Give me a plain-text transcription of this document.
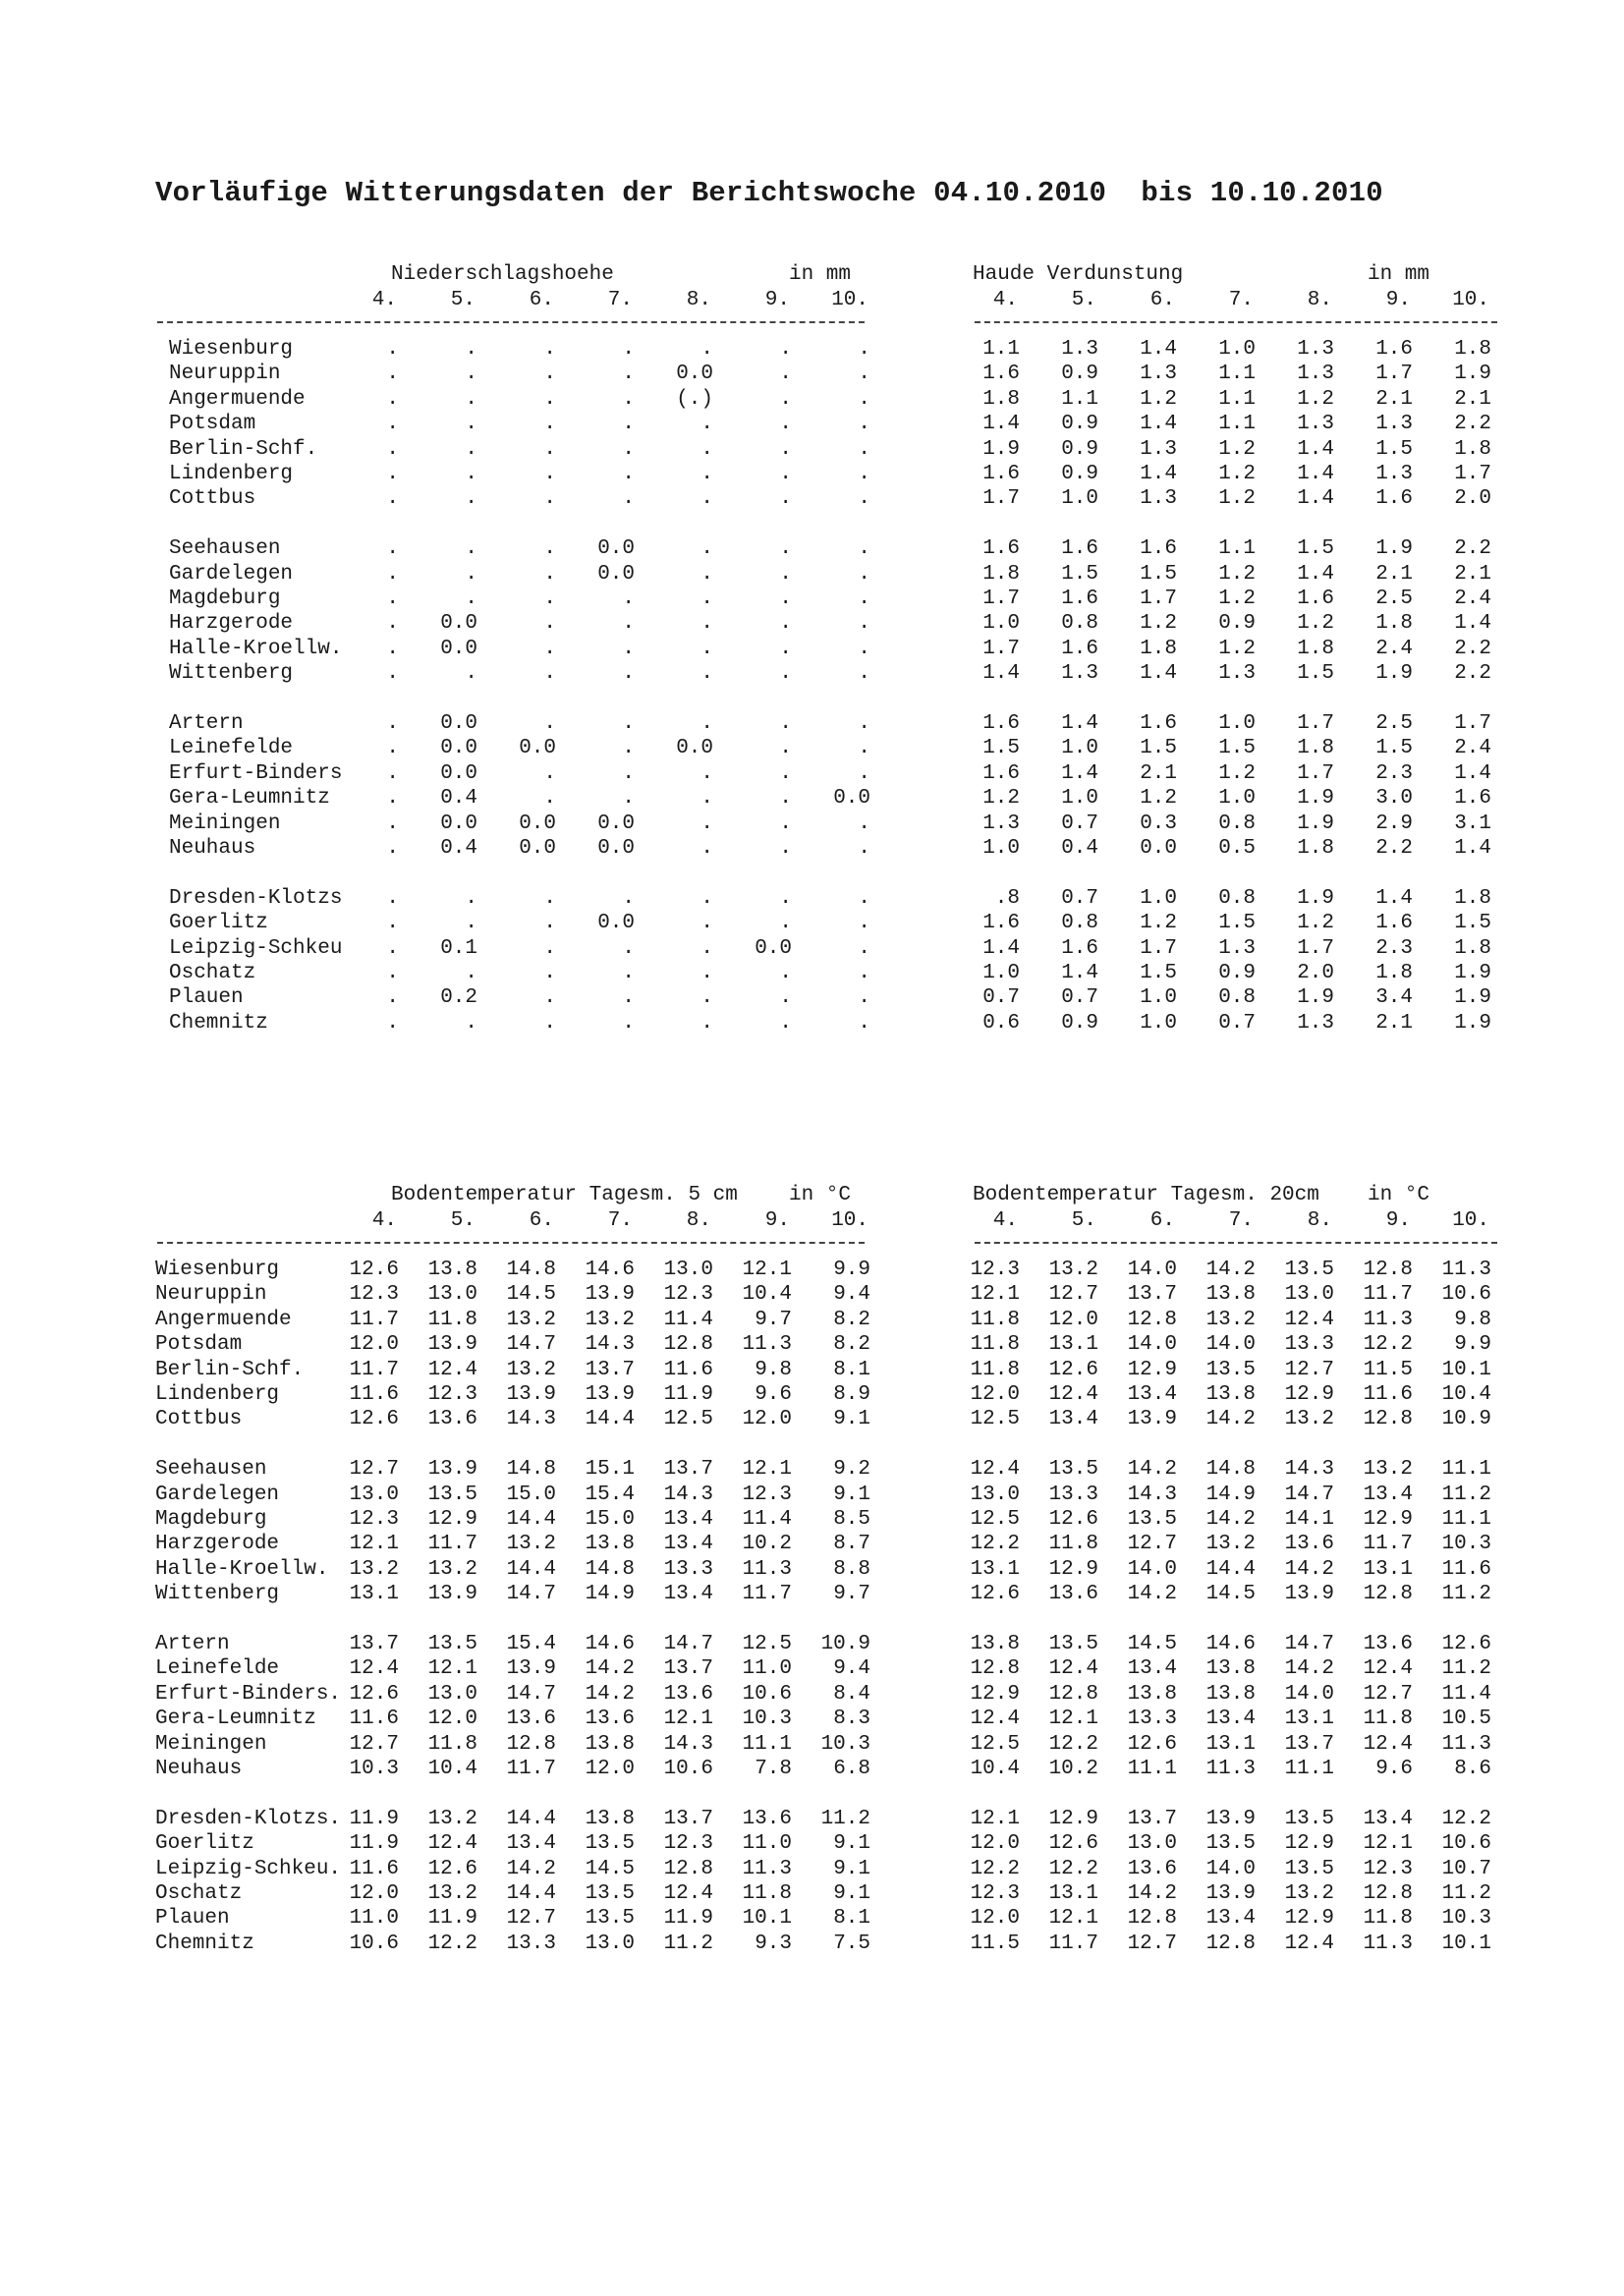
Vorläufige Witterungsdaten der Berichtswoche 04.10.2010  bis 10.10.2010
Niederschlagshoehe	in mm	Haude Verdunstung	in mm
4.	5.	6.	7.	8.	9.	10.	4.	5.	6.	7.	8.	9.	10.
Wiesenburg	.	.	.	.	.	.	.	1.1	1.3	1.4	1.0	1.3	1.6	1.8
Neuruppin	.	.	.	.	0.0	.	.	1.6	0.9	1.3	1.1	1.3	1.7	1.9
Angermuende	.	.	.	.	(.)	.	.	1.8	1.1	1.2	1.1	1.2	2.1	2.1
Potsdam	.	.	.	.	.	.	.	1.4	0.9	1.4	1.1	1.3	1.3	2.2
Berlin-Schf.	.	.	.	.	.	.	.	1.9	0.9	1.3	1.2	1.4	1.5	1.8
Lindenberg	.	.	.	.	.	.	.	1.6	0.9	1.4	1.2	1.4	1.3	1.7
Cottbus	.	.	.	.	.	.	.	1.7	1.0	1.3	1.2	1.4	1.6	2.0
Seehausen	.	.	.	0.0	.	.	.	1.6	1.6	1.6	1.1	1.5	1.9	2.2
Gardelegen	.	.	.	0.0	.	.	.	1.8	1.5	1.5	1.2	1.4	2.1	2.1
Magdeburg	.	.	.	.	.	.	.	1.7	1.6	1.7	1.2	1.6	2.5	2.4
Harzgerode	.	0.0	.	.	.	.	.	1.0	0.8	1.2	0.9	1.2	1.8	1.4
Halle-Kroellw.	.	0.0	.	.	.	.	.	1.7	1.6	1.8	1.2	1.8	2.4	2.2
Wittenberg	.	.	.	.	.	.	.	1.4	1.3	1.4	1.3	1.5	1.9	2.2
Artern	.	0.0	.	.	.	.	.	1.6	1.4	1.6	1.0	1.7	2.5	1.7
Leinefelde	.	0.0	0.0	.	0.0	.	.	1.5	1.0	1.5	1.5	1.8	1.5	2.4
Erfurt-Binders	.	0.0	.	.	.	.	.	1.6	1.4	2.1	1.2	1.7	2.3	1.4
Gera-Leumnitz	.	0.4	.	.	.	.	0.0	1.2	1.0	1.2	1.0	1.9	3.0	1.6
Meiningen	.	0.0	0.0	0.0	.	.	.	1.3	0.7	0.3	0.8	1.9	2.9	3.1
Neuhaus	.	0.4	0.0	0.0	.	.	.	1.0	0.4	0.0	0.5	1.8	2.2	1.4
Dresden-Klotzs	.	.	.	.	.	.	.	.8	0.7	1.0	0.8	1.9	1.4	1.8
Goerlitz	.	.	.	0.0	.	.	.	1.6	0.8	1.2	1.5	1.2	1.6	1.5
Leipzig-Schkeu	.	0.1	.	.	.	0.0	.	1.4	1.6	1.7	1.3	1.7	2.3	1.8
Oschatz	.	.	.	.	.	.	.	1.0	1.4	1.5	0.9	2.0	1.8	1.9
Plauen	.	0.2	.	.	.	.	.	0.7	0.7	1.0	0.8	1.9	3.4	1.9
Chemnitz	.	.	.	.	.	.	.	0.6	0.9	1.0	0.7	1.3	2.1	1.9
Bodentemperatur Tagesm. 5 cm in °C	Bodentemperatur Tagesm. 20cm in °C
4.	5.	6.	7.	8.	9.	10.	4.	5.	6.	7.	8.	9.	10.
Wiesenburg	12.6	13.8	14.8	14.6	13.0	12.1	9.9	12.3	13.2	14.0	14.2	13.5	12.8	11.3
Neuruppin	12.3	13.0	14.5	13.9	12.3	10.4	9.4	12.1	12.7	13.7	13.8	13.0	11.7	10.6
Angermuende	11.7	11.8	13.2	13.2	11.4	9.7	8.2	11.8	12.0	12.8	13.2	12.4	11.3	9.8
Potsdam	12.0	13.9	14.7	14.3	12.8	11.3	8.2	11.8	13.1	14.0	14.0	13.3	12.2	9.9
Berlin-Schf.	11.7	12.4	13.2	13.7	11.6	9.8	8.1	11.8	12.6	12.9	13.5	12.7	11.5	10.1
Lindenberg	11.6	12.3	13.9	13.9	11.9	9.6	8.9	12.0	12.4	13.4	13.8	12.9	11.6	10.4
Cottbus	12.6	13.6	14.3	14.4	12.5	12.0	9.1	12.5	13.4	13.9	14.2	13.2	12.8	10.9
Seehausen	12.7	13.9	14.8	15.1	13.7	12.1	9.2	12.4	13.5	14.2	14.8	14.3	13.2	11.1
Gardelegen	13.0	13.5	15.0	15.4	14.3	12.3	9.1	13.0	13.3	14.3	14.9	14.7	13.4	11.2
Magdeburg	12.3	12.9	14.4	15.0	13.4	11.4	8.5	12.5	12.6	13.5	14.2	14.1	12.9	11.1
Harzgerode	12.1	11.7	13.2	13.8	13.4	10.2	8.7	12.2	11.8	12.7	13.2	13.6	11.7	10.3
Halle-Kroellw.	13.2	13.2	14.4	14.8	13.3	11.3	8.8	13.1	12.9	14.0	14.4	14.2	13.1	11.6
Wittenberg	13.1	13.9	14.7	14.9	13.4	11.7	9.7	12.6	13.6	14.2	14.5	13.9	12.8	11.2
Artern	13.7	13.5	15.4	14.6	14.7	12.5	10.9	13.8	13.5	14.5	14.6	14.7	13.6	12.6
Leinefelde	12.4	12.1	13.9	14.2	13.7	11.0	9.4	12.8	12.4	13.4	13.8	14.2	12.4	11.2
Erfurt-Binders. 12.6	13.0	14.7	14.2	13.6	10.6	8.4	12.9	12.8	13.8	13.8	14.0	12.7	11.4
Gera-Leumnitz	11.6	12.0	13.6	13.6	12.1	10.3	8.3	12.4	12.1	13.3	13.4	13.1	11.8	10.5
Meiningen	12.7	11.8	12.8	13.8	14.3	11.1	10.3	12.5	12.2	12.6	13.1	13.7	12.4	11.3
Neuhaus	10.3	10.4	11.7	12.0	10.6	7.8	6.8	10.4	10.2	11.1	11.3	11.1	9.6	8.6
Dresden-Klotzs. 11.9	13.2	14.4	13.8	13.7	13.6	11.2	12.1	12.9	13.7	13.9	13.5	13.4	12.2
Goerlitz	11.9	12.4	13.4	13.5	12.3	11.0	9.1	12.0	12.6	13.0	13.5	12.9	12.1	10.6
Leipzig-Schkeu. 11.6	12.6	14.2	14.5	12.8	11.3	9.1	12.2	12.2	13.6	14.0	13.5	12.3	10.7
Oschatz	12.0	13.2	14.4	13.5	12.4	11.8	9.1	12.3	13.1	14.2	13.9	13.2	12.8	11.2
Plauen	11.0	11.9	12.7	13.5	11.9	10.1	8.1	12.0	12.1	12.8	13.4	12.9	11.8	10.3
Chemnitz	10.6	12.2	13.3	13.0	11.2	9.3	7.5	11.5	11.7	12.7	12.8	12.4	11.3	10.1
